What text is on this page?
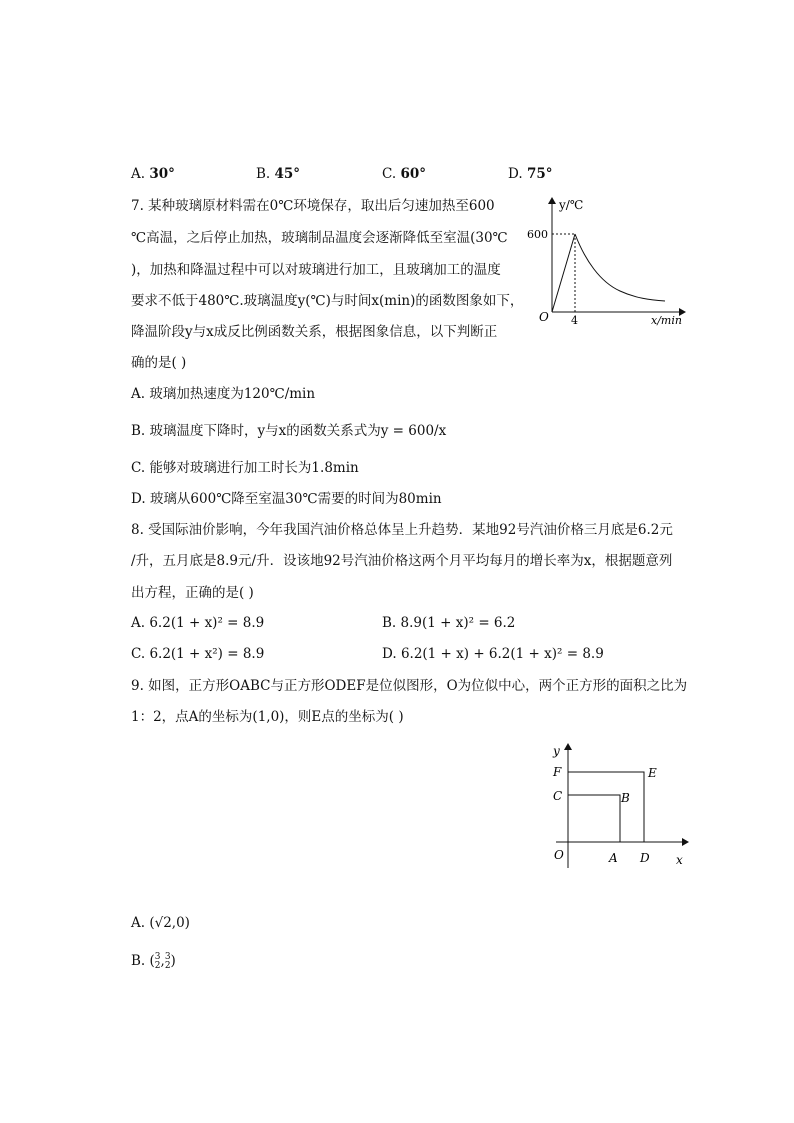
A. 30°	B. 45°	C. 60°	D. 75°
7. 某种玻璃原材料需在0℃环境保存，取出后匀速加热至600
℃高温，之后停止加热，玻璃制品温度会逐渐降低至室温(30℃
)，加热和降温过程中可以对玻璃进行加工，且玻璃加工的温度
要求不低于480℃.玻璃温度y(℃)与时间x(min)的函数图象如下，
降温阶段y与x成反比例函数关系，根据图象信息，以下判断正
确的是( )
y/℃
600
O 4	x/min
A. 玻璃加热速度为120℃/min
B. 玻璃温度下降时，y与x的函数关系式为y = 600/x
C. 能够对玻璃进行加工时长为1.8min
D. 玻璃从600℃降至室温30℃需要的时间为80min
8. 受国际油价影响，今年我国汽油价格总体呈上升趋势．某地92号汽油价格三月底是6.2元
/升，五月底是8.9元/升．设该地92号汽油价格这两个月平均每月的增长率为x，根据题意列
出方程，正确的是( )
A. 6.2(1 + x)² = 8.9	B. 8.9(1 + x)² = 6.2
C. 6.2(1 + x²) = 8.9	D. 6.2(1 + x) + 6.2(1 + x)² = 8.9
9. 如图，正方形OABC与正方形ODEF是位似图形，O为位似中心，两个正方形的面积之比为
1：2，点A的坐标为(1,0)，则E点的坐标为( )
y
x
F
C	B
E
O	A D
A. (√2,0)
B. (3
2,3
2)
